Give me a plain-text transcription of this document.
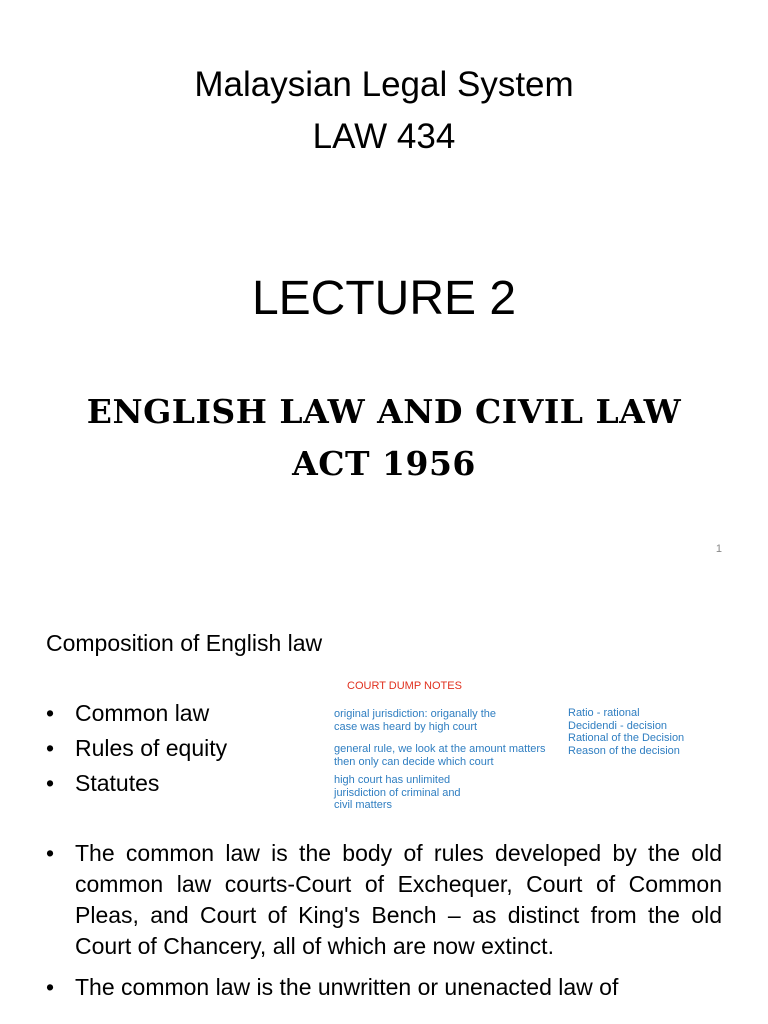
Malaysian Legal System
LAW 434
LECTURE 2
ENGLISH LAW AND CIVIL LAW
ACT 1956
1
Composition of English law
• Common law
• Rules of equity
• Statutes
COURT DUMP NOTES
original jurisdiction: origanally the
case was heard by high court
general rule, we look at the amount matters
then only can decide which court
high court has unlimited
jurisdiction of criminal and
civil matters
Ratio - rational
Decidendi - decision
Rational of the Decision
Reason of the decision
• The common law is the body of rules developed by the old common law courts-Court of Exchequer, Court of Common Pleas, and Court of King's Bench – as distinct from the old Court of Chancery, all of which are now extinct.
• The common law is the unwritten or unenacted law of
